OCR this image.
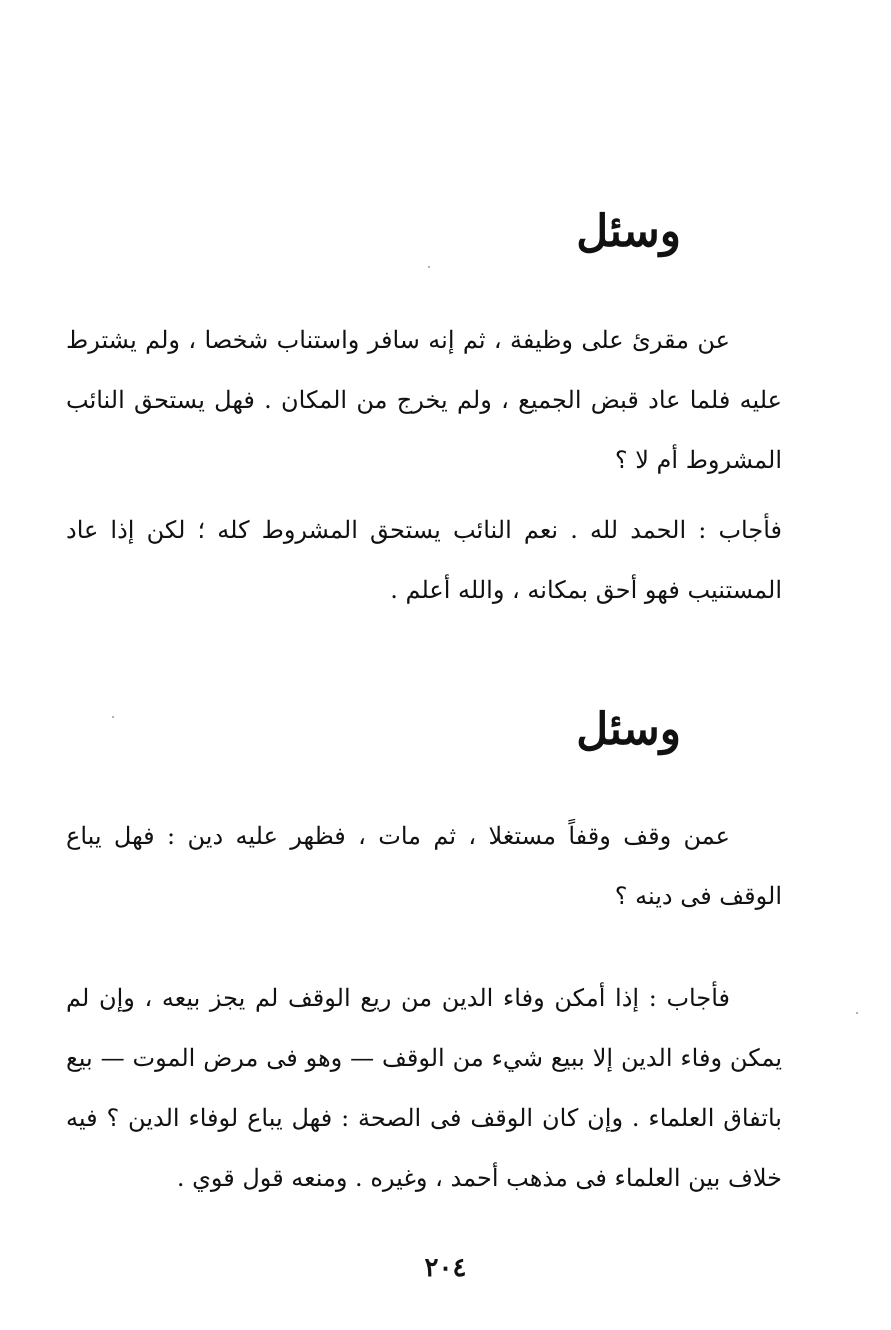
وسئل

عن مقرئ على وظيفة ، ثم إنه سافر واستناب شخصا ، ولم يشترط عليه فلما عاد قبض الجميع ، ولم يخرج من المكان . فهل يستحق النائب المشروط أم لا ؟

فأجاب : الحمد لله . نعم النائب يستحق المشروط كله ؛ لكن إذا عاد المستنيب فهو أحق بمكانه ، والله أعلم .

وسئل

عمن وقف وقفاً مستغلا ، ثم مات ، فظهر عليه دين : فهل يباع الوقف فى دينه ؟

فأجاب : إذا أمكن وفاء الدين من ريع الوقف لم يجز بيعه ، وإن لم يمكن وفاء الدين إلا ببيع شيء من الوقف — وهو فى مرض الموت — بيع باتفاق العلماء . وإن كان الوقف فى الصحة : فهل يباع لوفاء الدين ؟ فيه خلاف بين العلماء فى مذهب أحمد ، وغيره . ومنعه قول قوي .

٢٠٤
